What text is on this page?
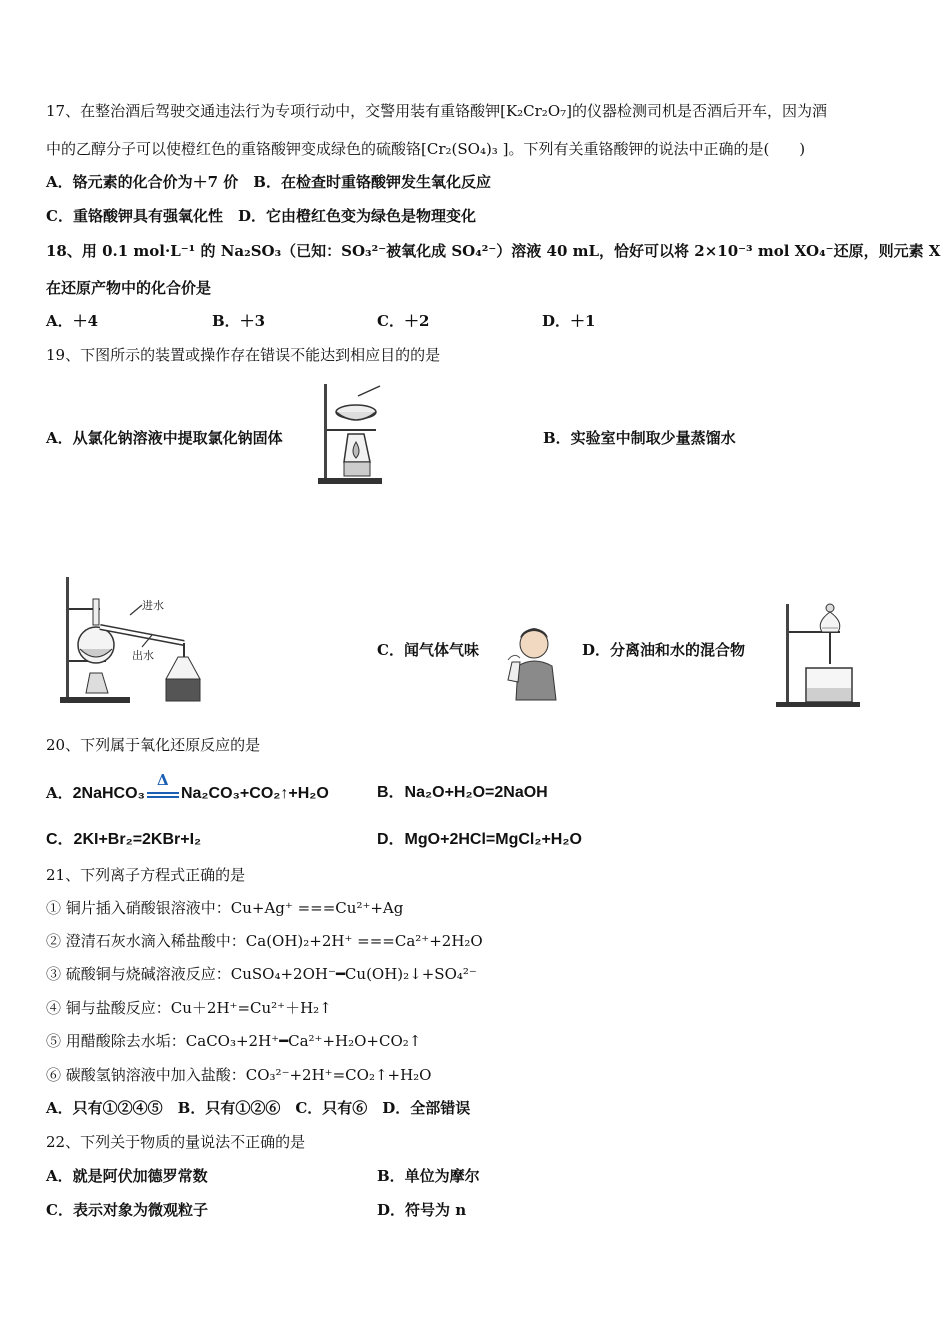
17、在整治酒后驾驶交通违法行为专项行动中，交警用装有重铬酸钾[K₂Cr₂O₇]的仪器检测司机是否酒后开车，因为酒
中的乙醇分子可以使橙红色的重铬酸钾变成绿色的硫酸铬[Cr₂(SO₄)₃ ]。下列有关重铬酸钾的说法中正确的是(　　)
A．铬元素的化合价为＋7 价　B．在检查时重铬酸钾发生氧化反应
C．重铬酸钾具有强氧化性　D．它由橙红色变为绿色是物理变化
18、用 0.1 mol·L⁻¹ 的 Na₂SO₃（已知：SO₃²⁻被氧化成 SO₄²⁻）溶液 40 mL，恰好可以将 2×10⁻³ mol XO₄⁻还原，则元素 X
在还原产物中的化合价是
A．＋4	B．＋3	C．＋2	D．＋1
19、下图所示的装置或操作存在错误不能达到相应目的的是
A．从氯化钠溶液中提取氯化钠固体	B．实验室中制取少量蒸馏水
进水
出水	C．闻气体气味	D．分离油和水的混合物
20、下列属于氧化还原反应的是
A．2NaHCO₃
Δ
Na₂CO₃+CO₂↑+H₂O	B．Na₂O+H₂O=2NaOH
C．2KI+Br₂=2KBr+I₂	D．MgO+2HCl=MgCl₂+H₂O
21、下列离子方程式正确的是
① 铜片插入硝酸银溶液中：Cu+Ag⁺ ===Cu²⁺+Ag
② 澄清石灰水滴入稀盐酸中：Ca(OH)₂+2H⁺ ===Ca²⁺+2H₂O
③ 硫酸铜与烧碱溶液反应：CuSO₄+2OH⁻━Cu(OH)₂↓+SO₄²⁻
④ 铜与盐酸反应：Cu＋2H⁺=Cu²⁺＋H₂↑
⑤ 用醋酸除去水垢：CaCO₃+2H⁺━Ca²⁺+H₂O+CO₂↑
⑥ 碳酸氢钠溶液中加入盐酸：CO₃²⁻+2H⁺=CO₂↑+H₂O
A．只有①②④⑤　B．只有①②⑥　C．只有⑥　D．全部错误
22、下列关于物质的量说法不正确的是
A．就是阿伏加德罗常数	B．单位为摩尔
C．表示对象为微观粒子	D．符号为 n
